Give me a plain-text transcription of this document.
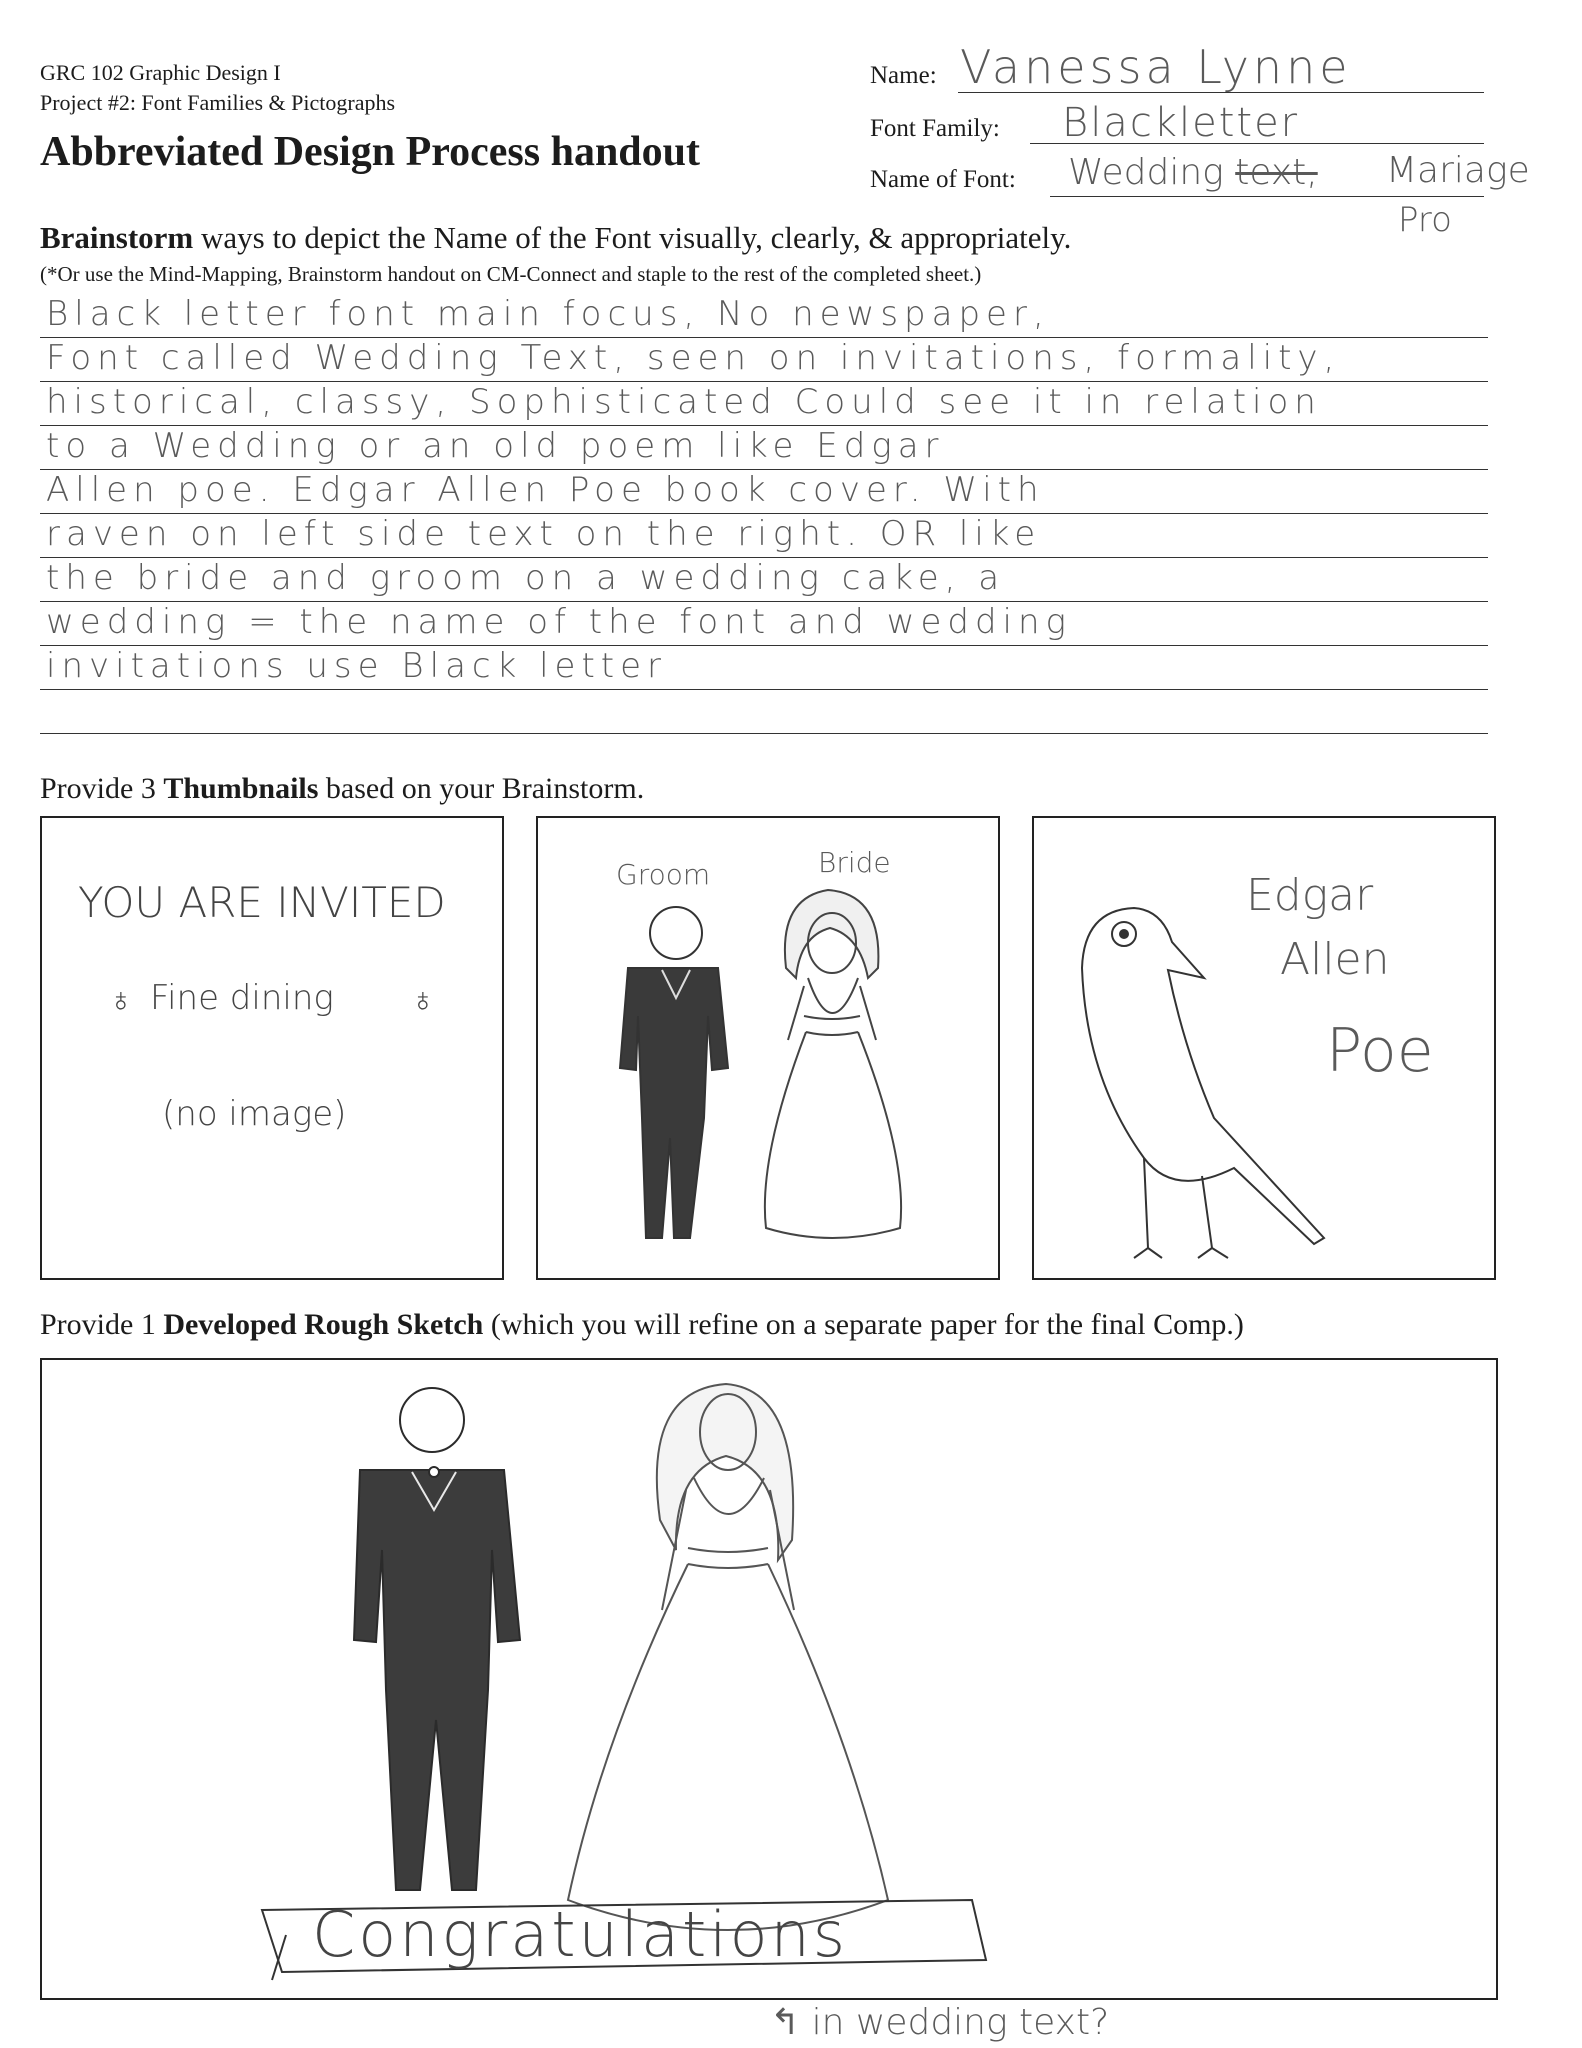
GRC 102 Graphic Design I
Project #2: Font Families & Pictographs
Abbreviated Design Process handout
Name: Vanessa Lynne
Font Family: Blackletter
Name of Font: Wedding text, Mariage
Pro
Brainstorm ways to depict the Name of the Font visually, clearly, & appropriately.
(*Or use the Mind-Mapping, Brainstorm handout on CM-Connect and staple to the rest of the completed sheet.)
Black letter font main focus, No newspaper,
Font called Wedding Text, seen on invitations, formality,
historical, classy, Sophisticated Could see it in relation
to a Wedding or an old poem like Edgar
Allen poe. Edgar Allen Poe book cover. With
raven on left side text on the right. OR like
the bride and groom on a wedding cake, a
wedding = the name of the font and wedding
invitations use Black letter
Provide 3 Thumbnails based on your Brainstorm.
YOU ARE INVITED
Fine dining
♁	♁
(no image)
Groom	Bride
Edgar
Allen
Poe
Provide 1 Developed Rough Sketch (which you will refine on a separate paper for the final Comp.)
Congratulations
↰ in wedding text?
